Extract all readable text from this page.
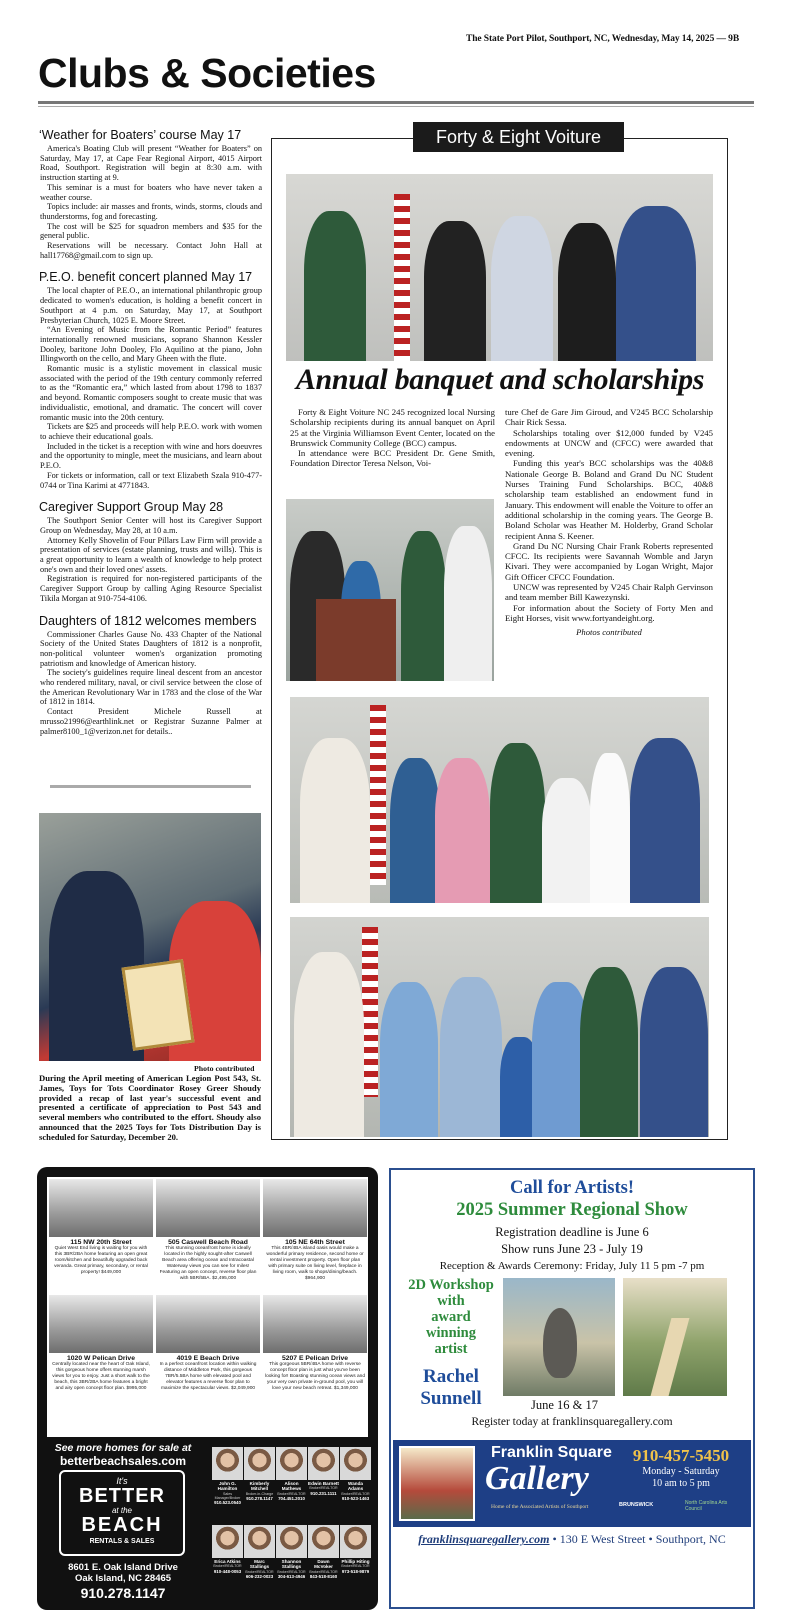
The State Port Pilot, Southport, NC, Wednesday, May 14, 2025 — 9B
Clubs & Societies
‘Weather for Boaters’ course May 17

America's Boating Club will present “Weather for Boaters” on Saturday, May 17, at Cape Fear Regional Airport, 4015 Airport Road, Southport. Registration will begin at 8:30 a.m. with instruction starting at 9.

This seminar is a must for boaters who have never taken a weather course.

Topics include: air masses and fronts, winds, storms, clouds and thunderstorms, fog and forecasting.

The cost will be $25 for squadron members and $35 for the general public.

Reservations will be necessary. Contact John Hall at hall17768@gmail.com to sign up.

P.E.O. benefit concert planned May 17

The local chapter of P.E.O., an international philanthropic group dedicated to women's education, is holding a benefit concert in Southport at 4 p.m. on Saturday, May 17, at Southport Presbyterian Church, 1025 E. Moore Street.

“An Evening of Music from the Romantic Period” features internationally renowned musicians, soprano Shannon Kessler Dooley, baritone John Dooley, Flo Aquilino at the piano, John Illingworth on the cello, and Mary Gheen with the flute.

Romantic music is a stylistic movement in classical music associated with the period of the 19th century commonly referred to as the “Romantic era,” which lasted from about 1798 to 1837 and beyond. Romantic composers sought to create music that was individualistic, emotional, and dramatic. The concert will cover romantic music into the 20th century.

Tickets are $25 and proceeds will help P.E.O. work with women to achieve their educational goals.

Included in the ticket is a reception with wine and hors doeuvres and the opportunity to mingle, meet the musicians, and learn about P.E.O.

For tickets or information, call or text Elizabeth Szala 910-477-0744 or Tina Karimi at 4771843.

Caregiver Support Group May 28

The Southport Senior Center will host its Caregiver Support Group on Wednesday, May 28, at 10 a.m.

Attorney Kelly Shovelin of Four Pillars Law Firm will provide a presentation of services (estate planning, trusts and wills). This is a great opportunity to learn a wealth of knowledge to help protect one's own and their loved ones' assets.

Registration is required for non-registered participants of the Caregiver Support Group by calling Aging Resource Specialist Tikila Morgan at 910-754-4106.

Daughters of 1812 welcomes members

Commissioner Charles Gause No. 433 Chapter of the National Society of the United States Daughters of 1812 is a nonprofit, non-political volunteer women's organization promoting patriotism and knowledge of American history.

The society's guidelines require lineal descent from an ancestor who rendered military, naval, or civil service between the close of the American Revolutionary War in 1783 and the close of the War of 1812 in 1814.

Contact President Michele Russell at mrusso21996@earthlink.net or Registrar Suzanne Palmer at palmer8100_1@verizon.net for details..

Photo contributed
During the April meeting of American Legion Post 543, St. James, Toys for Tots Coordinator Rosey Greer Shoudy provided a recap of last year's successful event and presented a certificate of appreciation to Post 543 and several members who contributed to the effort. Shoudy also announced that the 2025 Toys for Tots Distribution Day is scheduled for Saturday, December 20.
Forty & Eight Voiture
Annual banquet and scholarships

Forty & Eight Voiture NC 245 recognized local Nursing Scholarship recipients during its annual banquet on April 25 at the Virginia Williamson Event Center, located on the Brunswick Community College (BCC) campus.

In attendance were BCC President Dr. Gene Smith, Foundation Director Teresa Nelson, Voi-

ture Chef de Gare Jim Giroud, and V245 BCC Scholarship Chair Rick Sessa.

Scholarships totaling over $12,000 funded by V245 endowments at UNCW and (CFCC) were awarded that evening.

Funding this year's BCC scholarships was the 40&8 Nationale George B. Boland and Grand Du NC Student Nurses Training Fund Scholarships. BCC, 40&8 scholarship team established an endowment fund in January. This endowment will enable the Voiture to offer an additional scholarship in the coming years. The George B. Boland Scholar was Heather M. Holderby, Grand Scholar recipient Anna S. Keener.

Grand Du NC Nursing Chair Frank Roberts represented CFCC. Its recipients were Savannah Womble and Jaryn Kivari. They were accompanied by Logan Wright, Major Gift Officer CFCC Foundation.

UNCW was represented by V245 Chair Ralph Gervinson and team member Bill Kawezynski.

For information about the Society of Forty Men and Eight Horses, visit www.fortyandeight.org.

Photos contributed
115 NW 20th Street
Quiet West End living is waiting for you with this 3BR/2BA home featuring an open great room/kitchen and beautifully upgraded back veranda. Great primary, secondary, or rental property! $449,000
505 Caswell Beach Road
This stunning oceanfront home is ideally located in the highly sought-after Caswell Beach area offering ocean and Intracoastal Waterway views you can see for miles! Featuring an open concept, reverse floor plan with 5BR/5BA. $2,495,000
105 NE 64th Street
This 4BR/4BA island oasis would make a wonderful primary residence, second home or rental investment property. Open floor plan with primary suite on living level, fireplace in living room, walk to shops/dining/beach. $964,900
1020 W Pelican Drive
Centrally located near the heart of Oak Island, this gorgeous home offers stunning marsh views for you to enjoy. Just a short walk to the beach, this 3BR/2BA home features a bright and airy open concept floor plan. $995,000
4019 E Beach Drive
In a perfect oceanfront location within walking distance of Middleton Park, this gorgeous 7BR/5.5BA home with elevated pool and elevator features a reverse floor plan to maximize the spectacular views. $2,049,900
5207 E Pelican Drive
This gorgeous 5BR/4BA home with reverse concept floor plan is just what you've been looking for! Boasting stunning ocean views and your very own private in-ground pool, you will love your new beach retreat. $1,349,000
See more homes for sale at
betterbeachsales.com
It's
BETTER
at the
BEACH
RENTALS & SALES
8601 E. Oak Island Drive
Oak Island, NC 28465
910.278.1147
John G. Hamilton
Sales Manager/Broker
910.523.0540
Kimberly Mitchell
Broker-in-Charge
910.278.1147
Alison Mathews
Broker/REALTOR
704.451.2010
Edwin Barnett
Broker/REALTOR
910.231.1111
Wanda Adams
Broker/REALTOR
910-523-1463
Erica Atkins
Broker/REALTOR
910-448-0053
Marc Stallings
Broker/REALTOR
606-232-0023
Shannon Stallings
Broker/REALTOR
304-613-4946
Dawn McVoker
Broker/REALTOR
843-518-8160
Phillip Hiting
Broker/REALTOR
973-518-9879
Call for Artists!
2025 Summer Regional Show
Registration deadline is June 6
Show runs June 23 - July 19
Reception & Awards Ceremony: Friday, July 11 5 pm -7 pm
2D Workshop
with
award
winning
artist
Rachel
Sunnell	June 16 & 17
Register today at franklinsquaregallery.com
Franklin Square
Gallery
Home of the Associated Artists of Southport
910-457-5450
Monday - Saturday
10 am to 5 pm
BRUNSWICK	North Carolina Arts Council
franklinsquaregallery.com • 130 E West Street • Southport, NC
